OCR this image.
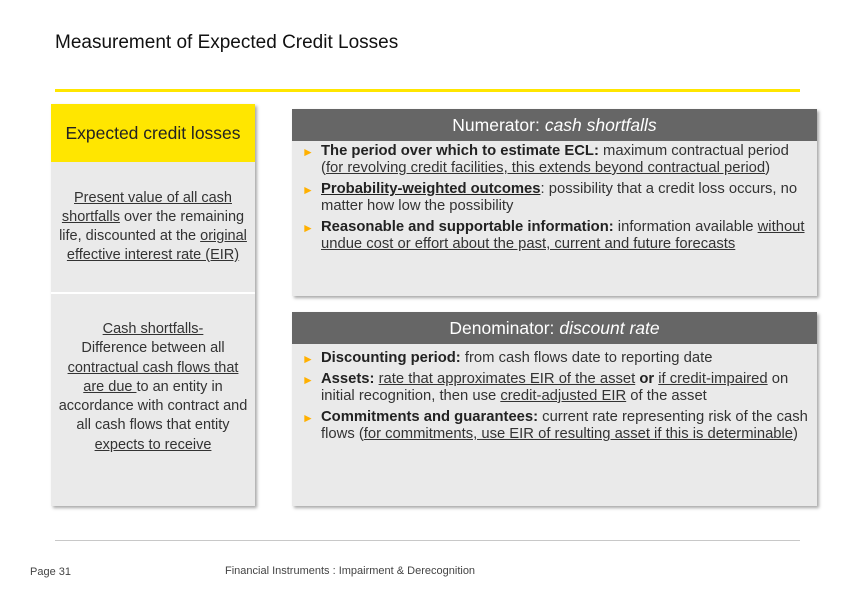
Measurement of Expected Credit Losses
Expected credit losses
Present value of all cash shortfalls over the remaining life, discounted at the original effective interest rate (EIR)
Cash shortfalls-
Difference between all contractual cash flows that are due to an entity in accordance with contract and all cash flows that entity expects to receive
Numerator: cash shortfalls
► The period over which to estimate ECL: maximum contractual period (for revolving credit facilities, this extends beyond contractual period)
► Probability-weighted outcomes: possibility that a credit loss occurs, no matter how low the possibility
► Reasonable and supportable information: information available without undue cost or effort about the past, current and future forecasts
Denominator: discount rate
► Discounting period: from cash flows date to reporting date
► Assets: rate that approximates EIR of the asset or if credit-impaired on initial recognition, then use credit-adjusted EIR of the asset
► Commitments and guarantees: current rate representing risk of the cash flows (for commitments, use EIR of resulting asset if this is determinable)
Page 31	Financial Instruments : Impairment & Derecognition
